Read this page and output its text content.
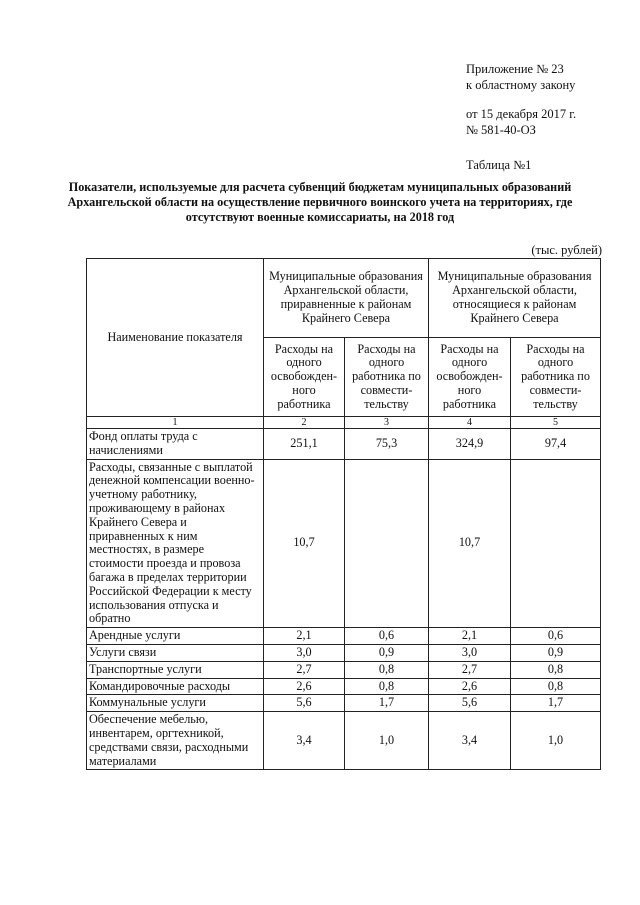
Приложение № 23
к областному закону
от 15 декабря 2017 г.
№ 581-40-ОЗ
Таблица №1
Показатели, используемые для расчета субвенций бюджетам муниципальных образований Архангельской области на осуществление первичного воинского учета на территориях, где отсутствуют военные комиссариаты, на 2018 год
(тыс. рублей)
Наименование показателя	Муниципальные образования Архангельской области, приравненные к районам Крайнего Севера		Муниципальные образования Архангельской области, относящиеся к районам Крайнего Севера	
	Расходы на одного освобожден-ного работника	Расходы на одного работника по совмести-тельству	Расходы на одного освобожден-ного работника	Расходы на одного работника по совмести-тельству
1	2	3	4	5
Фонд оплаты труда с начислениями	251,1	75,3	324,9	97,4
Расходы, связанные с выплатой денежной компенсации военно-учетному работнику, проживающему в районах Крайнего Севера и приравненных к ним местностях, в размере стоимости проезда и провоза багажа в пределах территории Российской Федерации к месту использования отпуска и обратно	10,7		10,7	
Арендные услуги	2,1	0,6	2,1	0,6
Услуги связи	3,0	0,9	3,0	0,9
Транспортные услуги	2,7	0,8	2,7	0,8
Командировочные расходы	2,6	0,8	2,6	0,8
Коммунальные услуги	5,6	1,7	5,6	1,7
Обеспечение мебелью, инвентарем, оргтехникой, средствами связи, расходными материалами	3,4	1,0	3,4	1,0
